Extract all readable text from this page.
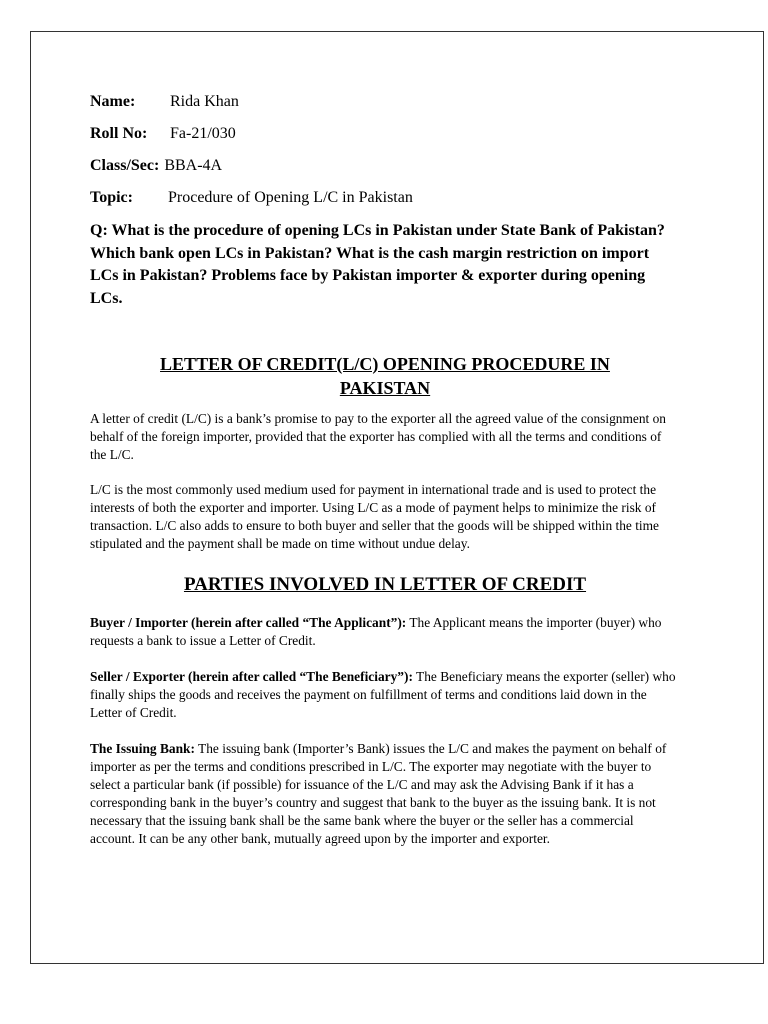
Name: Rida Khan
Roll No: Fa-21/030
Class/Sec: BBA-4A
Topic: Procedure of Opening L/C in Pakistan

Q: What is the procedure of opening LCs in Pakistan under State Bank of Pakistan? Which bank open LCs in Pakistan? What is the cash margin restriction on import LCs in Pakistan? Problems face by Pakistan importer & exporter during opening LCs.

LETTER OF CREDIT(L/C) OPENING PROCEDURE IN PAKISTAN

A letter of credit (L/C) is a bank’s promise to pay to the exporter all the agreed value of the consignment on behalf of the foreign importer, provided that the exporter has complied with all the terms and conditions of the L/C.

L/C is the most commonly used medium used for payment in international trade and is used to protect the interests of both the exporter and importer. Using L/C as a mode of payment helps to minimize the risk of transaction. L/C also adds to ensure to both buyer and seller that the goods will be shipped within the time stipulated and the payment shall be made on time without undue delay.

PARTIES INVOLVED IN LETTER OF CREDIT

Buyer / Importer (herein after called “The Applicant”): The Applicant means the importer (buyer) who requests a bank to issue a Letter of Credit.

Seller / Exporter (herein after called “The Beneficiary”): The Beneficiary means the exporter (seller) who finally ships the goods and receives the payment on fulfillment of terms and conditions laid down in the Letter of Credit.

The Issuing Bank: The issuing bank (Importer’s Bank) issues the L/C and makes the payment on behalf of importer as per the terms and conditions prescribed in L/C. The exporter may negotiate with the buyer to select a particular bank (if possible) for issuance of the L/C and may ask the Advising Bank if it has a corresponding bank in the buyer’s country and suggest that bank to the buyer as the issuing bank. It is not necessary that the issuing bank shall be the same bank where the buyer or the seller has a commercial account. It can be any other bank, mutually agreed upon by the importer and exporter.
